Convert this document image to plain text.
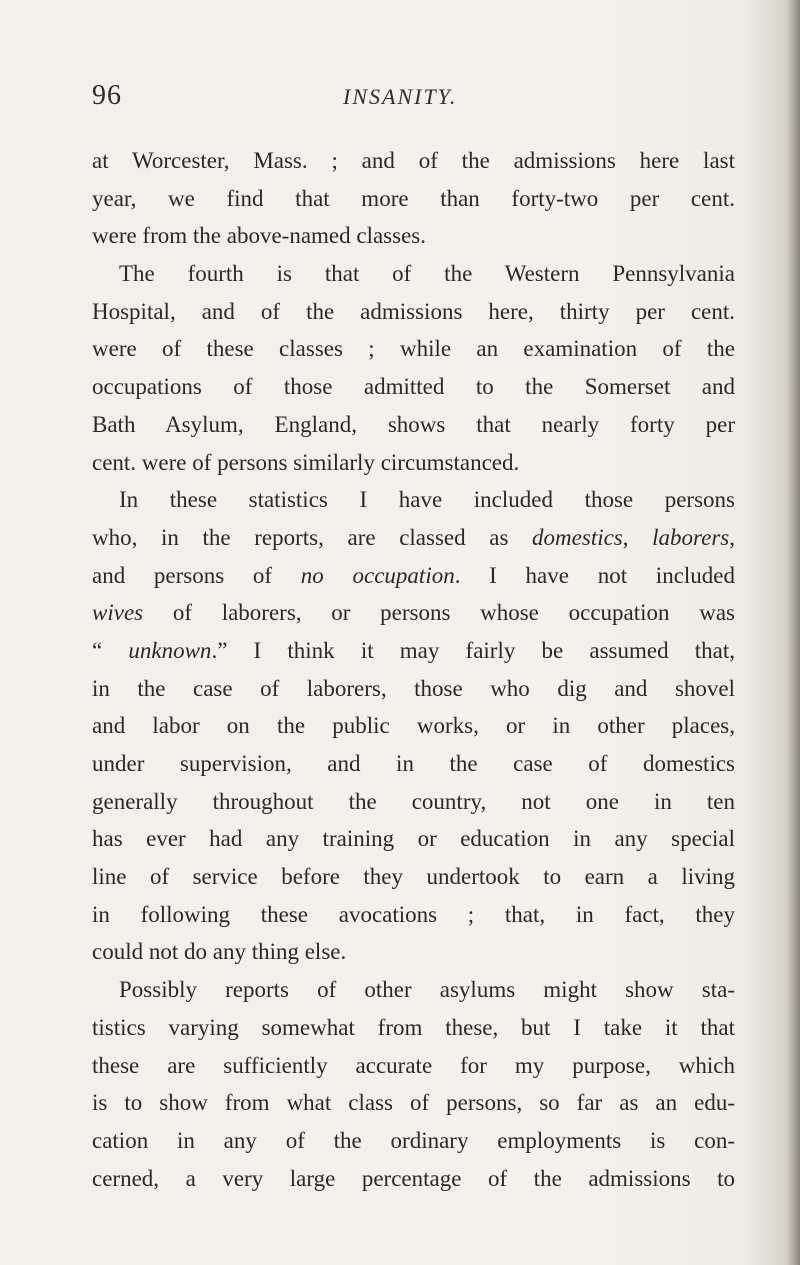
96	INSANITY.
at Worcester, Mass. ; and of the admissions here last
year, we find that more than forty-two per cent.
were from the above-named classes.
The fourth is that of the Western Pennsylvania
Hospital, and of the admissions here, thirty per cent.
were of these classes ; while an examination of the
occupations of those admitted to the Somerset and
Bath Asylum, England, shows that nearly forty per
cent. were of persons similarly circumstanced.
In these statistics I have included those persons
who, in the reports, are classed as domestics, laborers,
and persons of no occupation. I have not included
wives of laborers, or persons whose occupation was
“ unknown.” I think it may fairly be assumed that,
in the case of laborers, those who dig and shovel
and labor on the public works, or in other places,
under supervision, and in the case of domestics
generally throughout the country, not one in ten
has ever had any training or education in any special
line of service before they undertook to earn a living
in following these avocations ; that, in fact, they
could not do any thing else.
Possibly reports of other asylums might show sta-
tistics varying somewhat from these, but I take it that
these are sufficiently accurate for my purpose, which
is to show from what class of persons, so far as an edu-
cation in any of the ordinary employments is con-
cerned, a very large percentage of the admissions to
